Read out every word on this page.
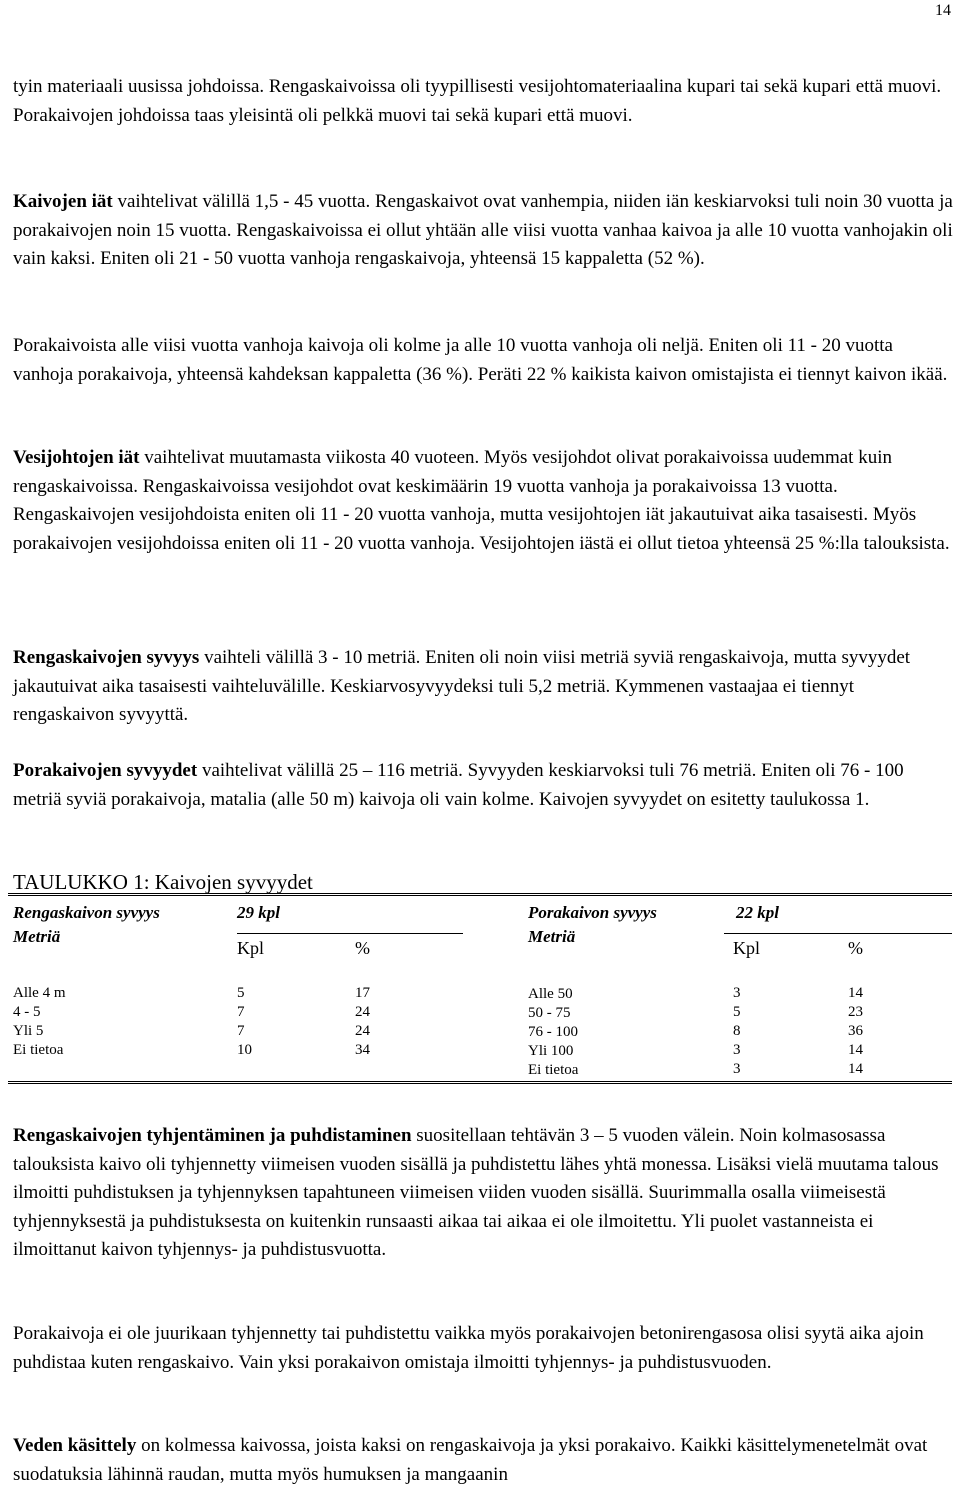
14

tyin materiaali uusissa johdoissa. Rengaskaivoissa oli tyypillisesti vesijohtomateriaalina kupari tai sekä kupari että muovi. Porakaivojen johdoissa taas yleisintä oli pelkkä muovi tai sekä kupari että muovi.

Kaivojen iät vaihtelivat välillä 1,5 - 45 vuotta. Rengaskaivot ovat vanhempia, niiden iän keskiarvoksi tuli noin 30 vuotta ja porakaivojen noin 15 vuotta. Rengaskaivoissa ei ollut yhtään alle viisi vuotta vanhaa kaivoa ja alle 10 vuotta vanhojakin oli vain kaksi. Eniten oli 21 - 50 vuotta vanhoja rengaskaivoja, yhteensä 15 kappaletta (52 %).

Porakaivoista alle viisi vuotta vanhoja kaivoja oli kolme ja alle 10 vuotta vanhoja oli neljä. Eniten oli 11 - 20 vuotta vanhoja porakaivoja, yhteensä kahdeksan kappaletta (36 %). Peräti 22 % kaikista kaivon omistajista ei tiennyt kaivon ikää.

Vesijohtojen iät vaihtelivat muutamasta viikosta 40 vuoteen. Myös vesijohdot olivat porakaivoissa uudemmat kuin rengaskaivoissa. Rengaskaivoissa vesijohdot ovat keskimäärin 19 vuotta vanhoja ja porakaivoissa 13 vuotta. Rengaskaivojen vesijohdoista eniten oli 11 - 20 vuotta vanhoja, mutta vesijohtojen iät jakautuivat aika tasaisesti. Myös porakaivojen vesijohdoissa eniten oli 11 - 20 vuotta vanhoja. Vesijohtojen iästä ei ollut tietoa yhteensä 25 %:lla talouksista.

Rengaskaivojen syvyys vaihteli välillä 3 - 10 metriä. Eniten oli noin viisi metriä syviä rengaskaivoja, mutta syvyydet jakautuivat aika tasaisesti vaihteluvälille. Keskiarvosyvyydeksi tuli 5,2 metriä. Kymmenen vastaajaa ei tiennyt rengaskaivon syvyyttä.

Porakaivojen syvyydet vaihtelivat välillä 25 – 116 metriä. Syvyyden keskiarvoksi tuli 76 metriä. Eniten oli 76 - 100 metriä syviä porakaivoja, matalia (alle 50 m) kaivoja oli vain kolme. Kaivojen syvyydet on esitetty taulukossa 1.

TAULUKKO 1: Kaivojen syvyydet
Rengaskaivon syvyys
Metriä
29 kpl
Kpl	%
Porakaivon syvyys
Metriä
22 kpl
Kpl	%
Alle 4 m	5	17
4 - 5	7	24
Yli 5	7	24
Ei tietoa	10	34
Alle 50	3	14
50 - 75	5	23
76 - 100	8	36
Yli 100	3	14
Ei tietoa	3	14

Rengaskaivojen tyhjentäminen ja puhdistaminen suositellaan tehtävän 3 – 5 vuoden välein. Noin kolmasosassa talouksista kaivo oli tyhjennetty viimeisen vuoden sisällä ja puhdistettu lähes yhtä monessa. Lisäksi vielä muutama talous ilmoitti puhdistuksen ja tyhjennyksen tapahtuneen viimeisen viiden vuoden sisällä. Suurimmalla osalla viimeisestä tyhjennyksestä ja puhdistuksesta on kuitenkin runsaasti aikaa tai aikaa ei ole ilmoitettu. Yli puolet vastanneista ei ilmoittanut kaivon tyhjennys- ja puhdistusvuotta.

Porakaivoja ei ole juurikaan tyhjennetty tai puhdistettu vaikka myös porakaivojen betonirengasosa olisi syytä aika ajoin puhdistaa kuten rengaskaivo. Vain yksi porakaivon omistaja ilmoitti tyhjennys- ja puhdistusvuoden.

Veden käsittely on kolmessa kaivossa, joista kaksi on rengaskaivoja ja yksi porakaivo. Kaikki käsittelymenetelmät ovat suodatuksia lähinnä raudan, mutta myös humuksen ja mangaanin
